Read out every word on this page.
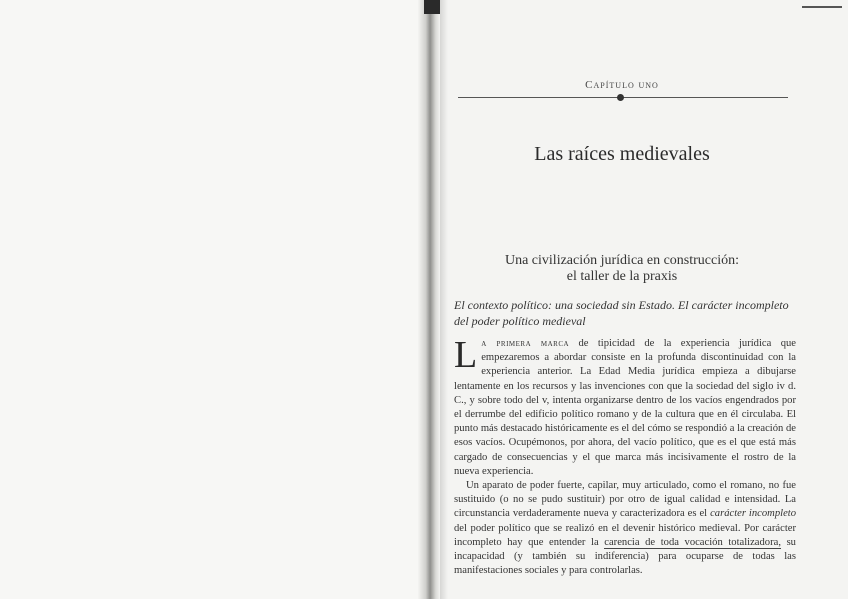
Capítulo uno
Las raíces medievales
Una civilización jurídica en construcción:
el taller de la praxis
El contexto político: una sociedad sin Estado. El carácter incompleto del poder político medieval

La primera marca de tipicidad de la experiencia jurídica que empezaremos a abordar consiste en la profunda discontinuidad con la experiencia anterior. La Edad Media jurídica empieza a dibujarse lentamente en los recursos y las invenciones con que la sociedad del siglo iv d. C., y sobre todo del v, intenta organizarse dentro de los vacíos engendrados por el derrumbe del edificio político romano y de la cultura que en él circulaba. El punto más destacado históricamente es el del cómo se respondió a la creación de esos vacíos. Ocupémonos, por ahora, del vacío político, que es el que está más cargado de consecuencias y el que marca más incisivamente el rostro de la nueva experiencia.

Un aparato de poder fuerte, capilar, muy articulado, como el romano, no fue sustituido (o no se pudo sustituir) por otro de igual calidad e intensidad. La circunstancia verdaderamente nueva y caracterizadora es el carácter incompleto del poder político que se realizó en el devenir histórico medieval. Por carácter incompleto hay que entender la carencia de toda vocación totalizadora, su incapacidad (y también su indiferencia) para ocuparse de todas las manifestaciones sociales y para controlarlas.
